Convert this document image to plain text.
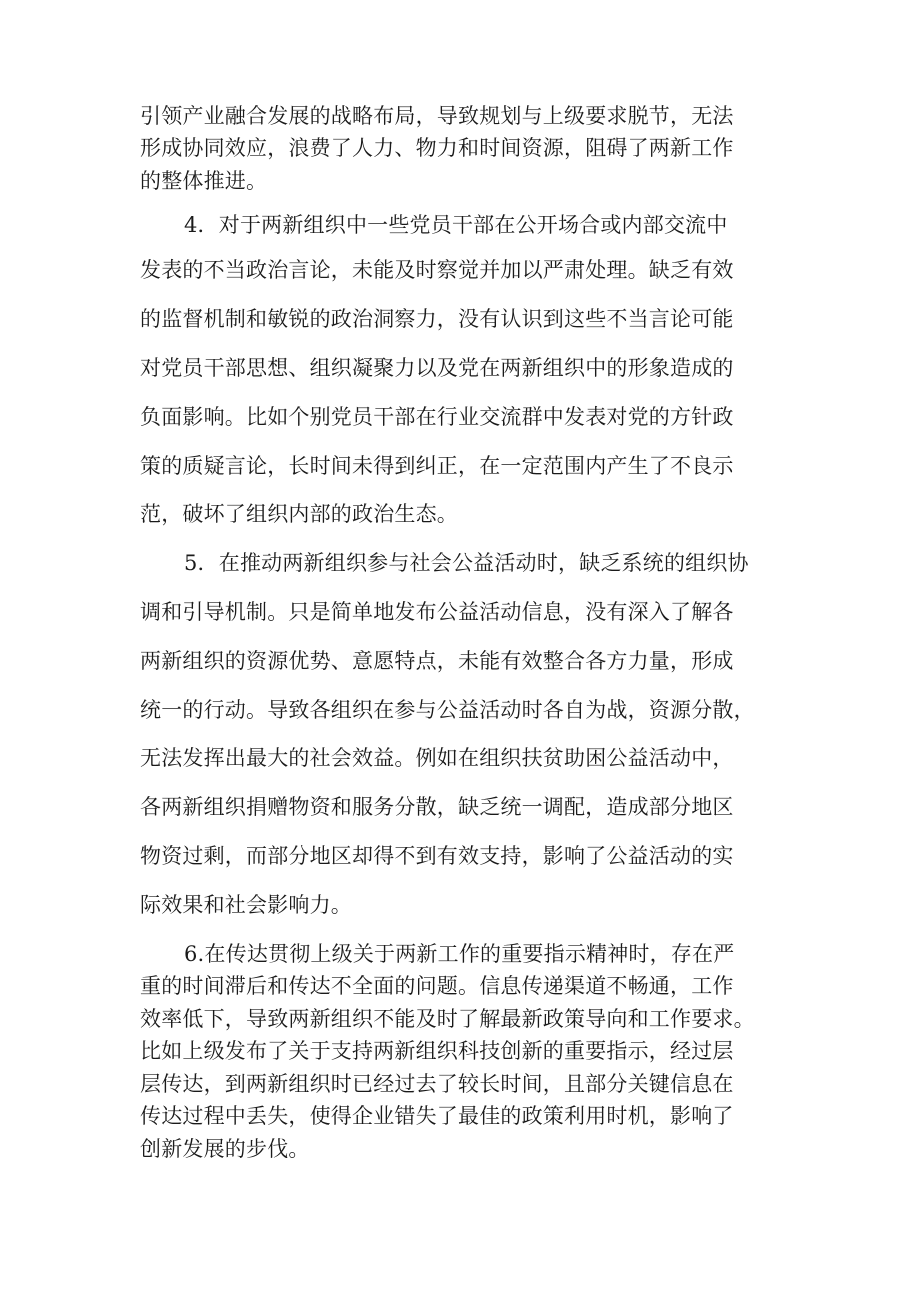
引领产业融合发展的战略布局，导致规划与上级要求脱节，无法
形成协同效应，浪费了人力、物力和时间资源，阻碍了两新工作
的整体推进。
4．对于两新组织中一些党员干部在公开场合或内部交流中
发表的不当政治言论，未能及时察觉并加以严肃处理。缺乏有效
的监督机制和敏锐的政治洞察力，没有认识到这些不当言论可能
对党员干部思想、组织凝聚力以及党在两新组织中的形象造成的
负面影响。比如个别党员干部在行业交流群中发表对党的方针政
策的质疑言论，长时间未得到纠正，在一定范围内产生了不良示
范，破坏了组织内部的政治生态。
5．在推动两新组织参与社会公益活动时，缺乏系统的组织协
调和引导机制。只是简单地发布公益活动信息，没有深入了解各
两新组织的资源优势、意愿特点，未能有效整合各方力量，形成
统一的行动。导致各组织在参与公益活动时各自为战，资源分散，
无法发挥出最大的社会效益。例如在组织扶贫助困公益活动中，
各两新组织捐赠物资和服务分散，缺乏统一调配，造成部分地区
物资过剩，而部分地区却得不到有效支持，影响了公益活动的实
际效果和社会影响力。
6.在传达贯彻上级关于两新工作的重要指示精神时，存在严
重的时间滞后和传达不全面的问题。信息传递渠道不畅通，工作
效率低下，导致两新组织不能及时了解最新政策导向和工作要求。
比如上级发布了关于支持两新组织科技创新的重要指示，经过层
层传达，到两新组织时已经过去了较长时间，且部分关键信息在
传达过程中丢失，使得企业错失了最佳的政策利用时机，影响了
创新发展的步伐。
